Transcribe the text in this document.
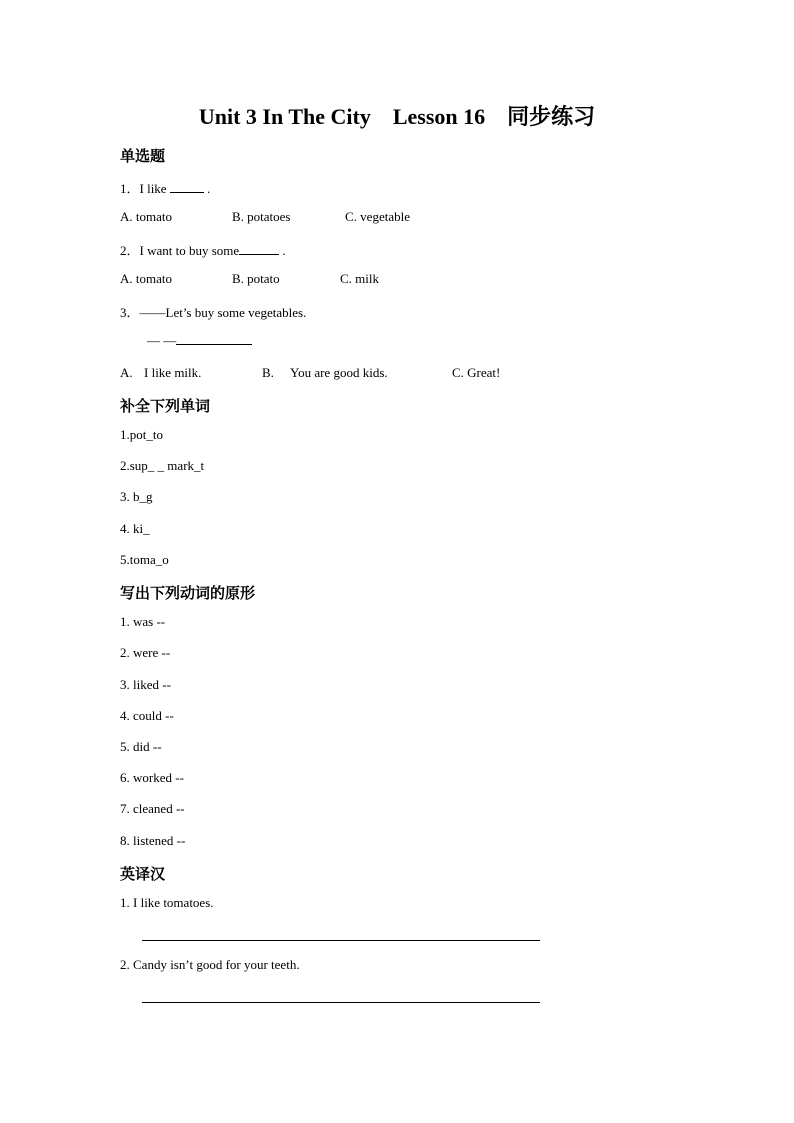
Unit 3 In The City Lesson 16 同步练习
单选题
1．I like	.
A. tomato	B. potatoes	C. vegetable
2．I want to buy some	.
A. tomato	B. potato	C. milk
3．——Let’s buy some vegetables.
— —
A. I like milk.	B. You are good kids.	C. Great!
补全下列单词
1.pot_to
2.sup_ _ mark_t
3. b_g
4. ki_
5.toma_o
写出下列动词的原形
1. was --
2. were --
3. liked --
4. could --
5. did --
6. worked --
7. cleaned --
8. listened --
英译汉
1. I like tomatoes.
2. Candy isn’t good for your teeth.
